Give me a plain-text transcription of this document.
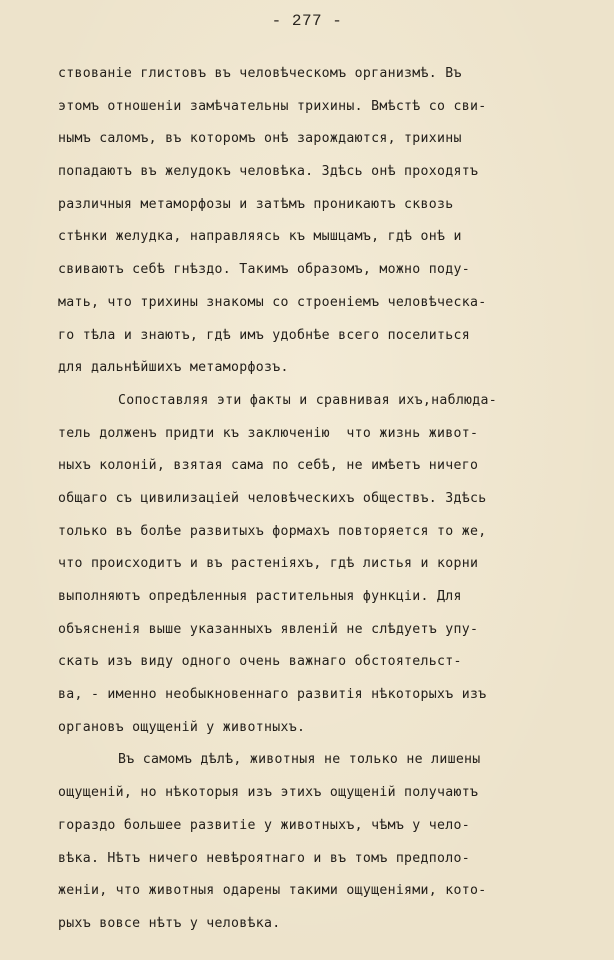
- 277 -
ствованіе глистовъ въ человѣческомъ организмѣ. Въ
этомъ отношеніи замѣчательны трихины. Вмѣстѣ со сви-
нымъ саломъ, въ которомъ онѣ зарождаются, трихины
попадаютъ въ желудокъ человѣка. Здѣсь онѣ проходятъ
различныя метаморфозы и затѣмъ проникаютъ сквозь
стѣнки желудка, направляясь къ мышцамъ, гдѣ онѣ и
свиваютъ себѣ гнѣздо. Такимъ образомъ, можно поду-
мать, что трихины знакомы со строеніемъ человѣческа-
го тѣла и знаютъ, гдѣ имъ удобнѣе всего поселиться
для дальнѣйшихъ метаморфозъ.
Сопоставляя эти факты и сравнивая ихъ,наблюда-
тель долженъ придти къ заключенію  что жизнь живот-
ныхъ колоній, взятая сама по себѣ, не имѣетъ ничего
общаго съ цивилизаціей человѣческихъ обществъ. Здѣсь
только въ болѣе развитыхъ формахъ повторяется то же,
что происходитъ и въ растеніяхъ, гдѣ листья и корни
выполняютъ опредѣленныя растительныя функціи. Для
объясненія выше указанныхъ явленій не слѣдуетъ упу-
скать изъ виду одного очень важнаго обстоятельст-
ва, - именно необыкновеннаго развитія нѣкоторыхъ изъ
органовъ ощущеній у животныхъ.
Въ самомъ дѣлѣ, животныя не только не лишены
ощущеній, но нѣкоторыя изъ этихъ ощущеній получаютъ
гораздо большее развитіе у животныхъ, чѣмъ у чело-
вѣка. Нѣтъ ничего невѣроятнаго и въ томъ предполо-
женіи, что животныя одарены такими ощущеніями, кото-
рыхъ вовсе нѣтъ у человѣка.
